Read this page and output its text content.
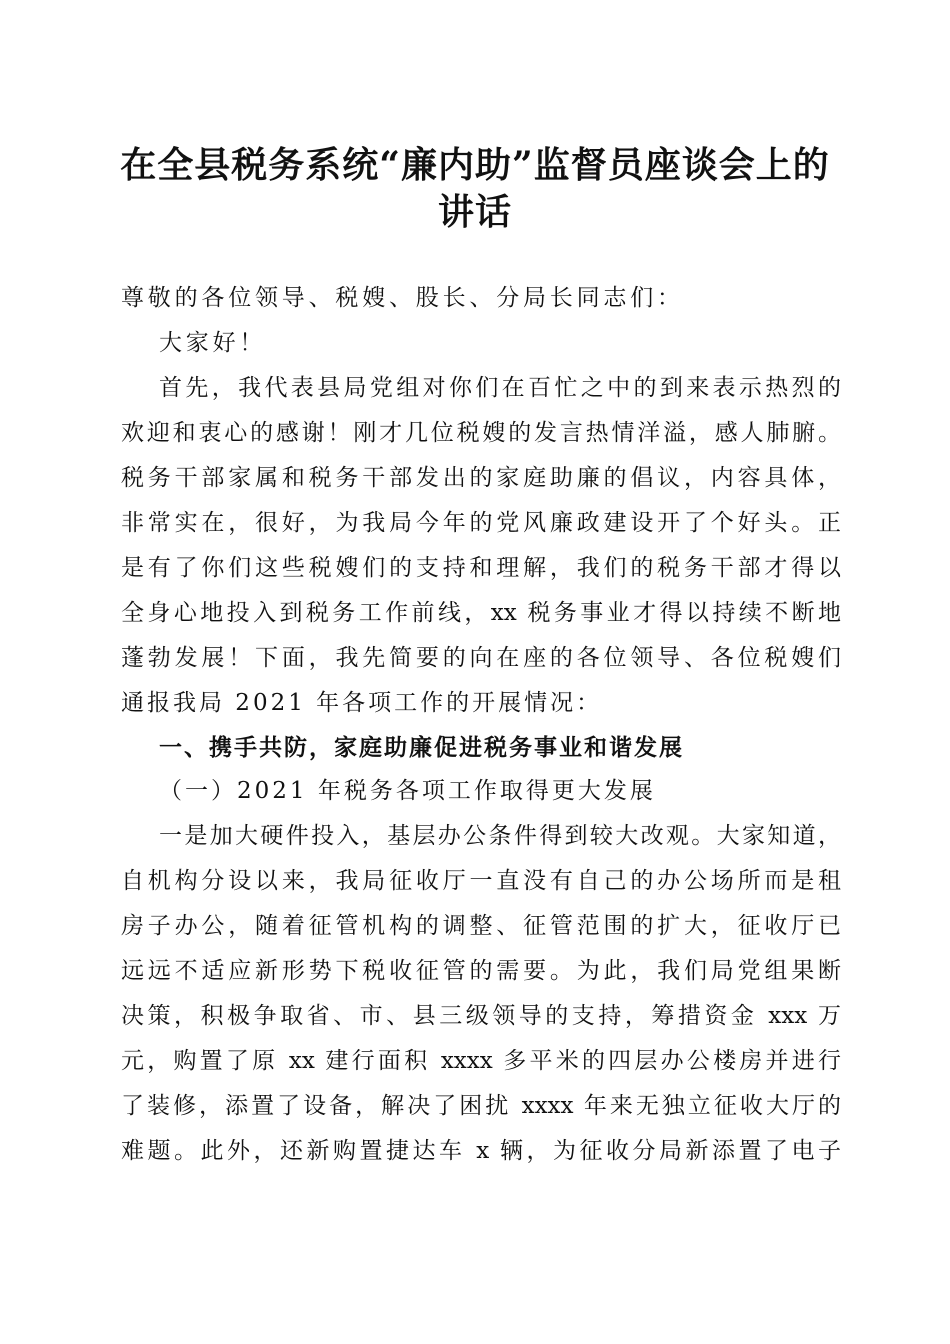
在全县税务系统“廉内助”监督员座谈会上的
讲话
尊敬的各位领导、税嫂、股长、分局长同志们：
大家好！
首先，我代表县局党组对你们在百忙之中的到来表示热烈的
欢迎和衷心的感谢！刚才几位税嫂的发言热情洋溢，感人肺腑。
税务干部家属和税务干部发出的家庭助廉的倡议，内容具体，
非常实在，很好，为我局今年的党风廉政建设开了个好头。正
是有了你们这些税嫂们的支持和理解，我们的税务干部才得以
全身心地投入到税务工作前线，xx 税务事业才得以持续不断地
蓬勃发展！下面，我先简要的向在座的各位领导、各位税嫂们
通报我局 2021 年各项工作的开展情况：
一、携手共防，家庭助廉促进税务事业和谐发展
（一）2021 年税务各项工作取得更大发展
一是加大硬件投入，基层办公条件得到较大改观。大家知道，
自机构分设以来，我局征收厅一直没有自己的办公场所而是租
房子办公，随着征管机构的调整、征管范围的扩大，征收厅已
远远不适应新形势下税收征管的需要。为此，我们局党组果断
决策，积极争取省、市、县三级领导的支持，筹措资金 xxx 万
元，购置了原 xx 建行面积 xxxx 多平米的四层办公楼房并进行
了装修，添置了设备，解决了困扰 xxxx 年来无独立征收大厅的
难题。此外，还新购置捷达车 x 辆，为征收分局新添置了电子
